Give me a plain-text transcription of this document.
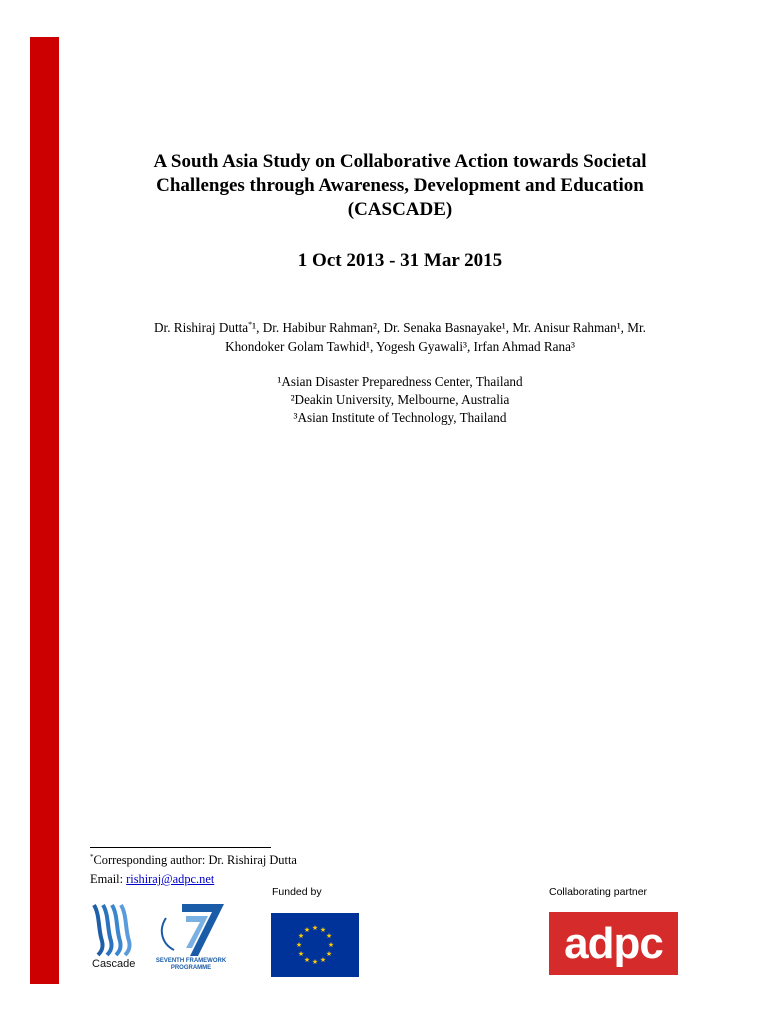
A South Asia Study on Collaborative Action towards Societal
Challenges through Awareness, Development and Education
(CASCADE)
1 Oct 2013 - 31 Mar 2015
Dr. Rishiraj Dutta*¹, Dr. Habibur Rahman², Dr. Senaka Basnayake¹, Mr. Anisur Rahman¹, Mr.
Khondoker Golam Tawhid¹, Yogesh Gyawali³, Irfan Ahmad Rana³
¹Asian Disaster Preparedness Center, Thailand
²Deakin University, Melbourne, Australia
³Asian Institute of Technology, Thailand
*Corresponding author: Dr. Rishiraj Dutta
Email: rishiraj@adpc.net
Funded by	Collaborating partner
Cascade	SEVENTH FRAMEWORK
PROGRAMME
★ ★
★
★
★
★
★
★
★
★
★
★	adpc
